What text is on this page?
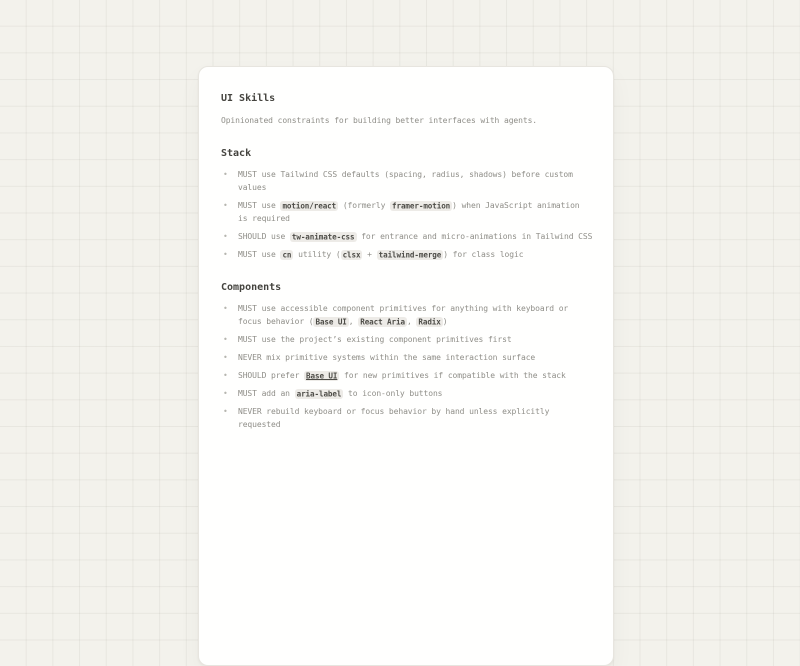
UI Skills

Opinionated constraints for building better interfaces with agents.

Stack
• MUST use Tailwind CSS defaults (spacing, radius, shadows) before custom values
• MUST use motion/react (formerly framer-motion ) when JavaScript animation is required
• SHOULD use tw-animate-css for entrance and micro-animations in Tailwind CSS
• MUST use cn utility ( clsx + tailwind-merge ) for class logic
Components
• MUST use accessible component primitives for anything with keyboard or focus behavior ( Base UI , React Aria , Radix )
• MUST use the project’s existing component primitives first
• NEVER mix primitive systems within the same interaction surface
• SHOULD prefer Base UI for new primitives if compatible with the stack
• MUST add an aria-label to icon-only buttons
• NEVER rebuild keyboard or focus behavior by hand unless explicitly requested
